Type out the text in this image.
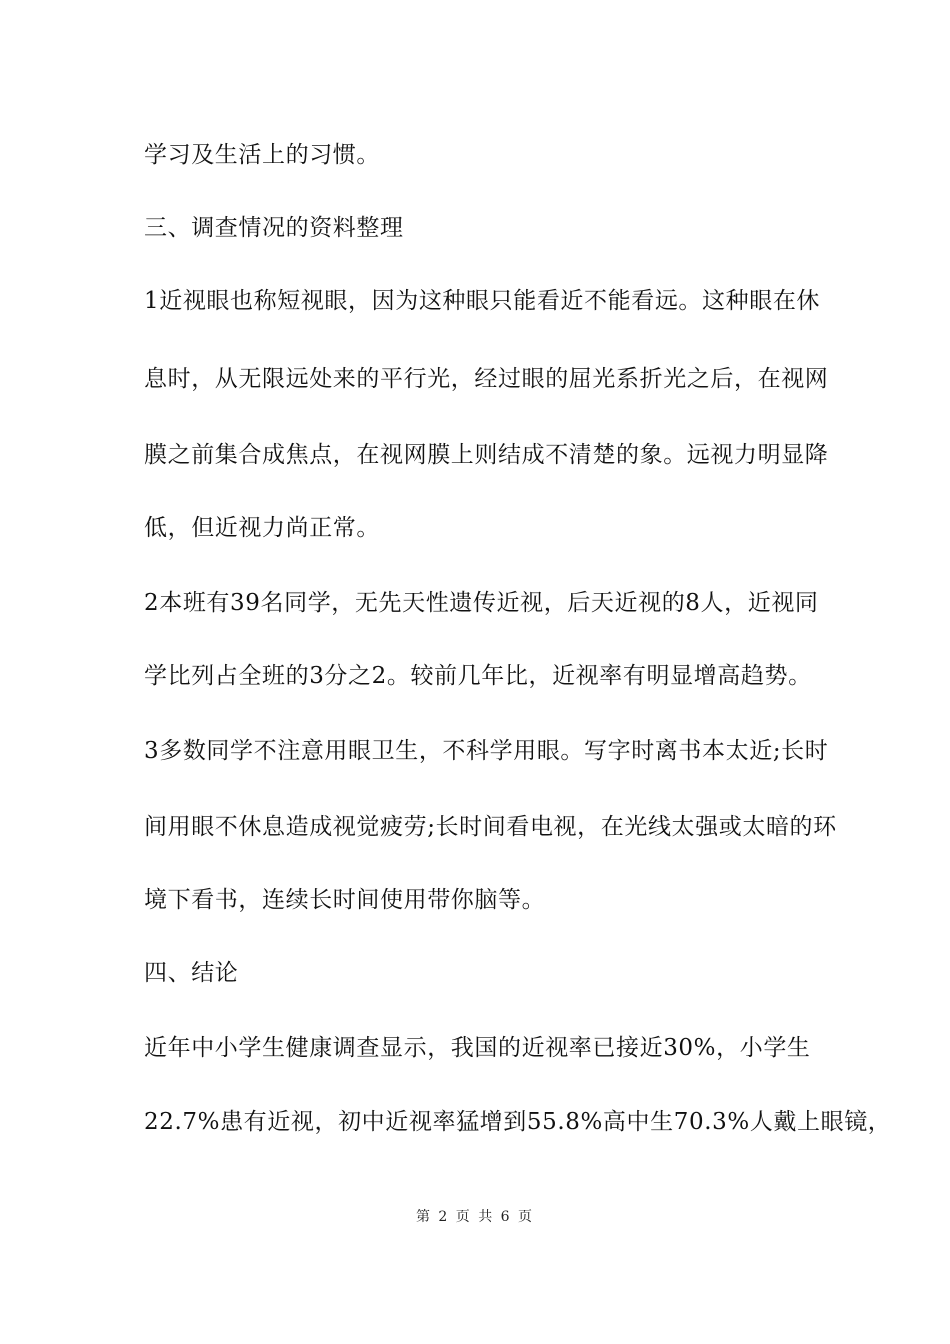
学习及生活上的习惯。
三、调查情况的资料整理
1近视眼也称短视眼，因为这种眼只能看近不能看远。这种眼在休
息时，从无限远处来的平行光，经过眼的屈光系折光之后，在视网
膜之前集合成焦点，在视网膜上则结成不清楚的象。远视力明显降
低，但近视力尚正常。
2本班有39名同学，无先天性遗传近视，后天近视的8人，近视同
学比列占全班的3分之2。较前几年比，近视率有明显增高趋势。
3多数同学不注意用眼卫生，不科学用眼。写字时离书本太近;长时
间用眼不休息造成视觉疲劳;长时间看电视，在光线太强或太暗的环
境下看书，连续长时间使用带你脑等。
四、结论
近年中小学生健康调查显示，我国的近视率已接近30%，小学生
22.7%患有近视，初中近视率猛增到55.8%高中生70.3%人戴上眼镜，
第 2 页 共 6 页
